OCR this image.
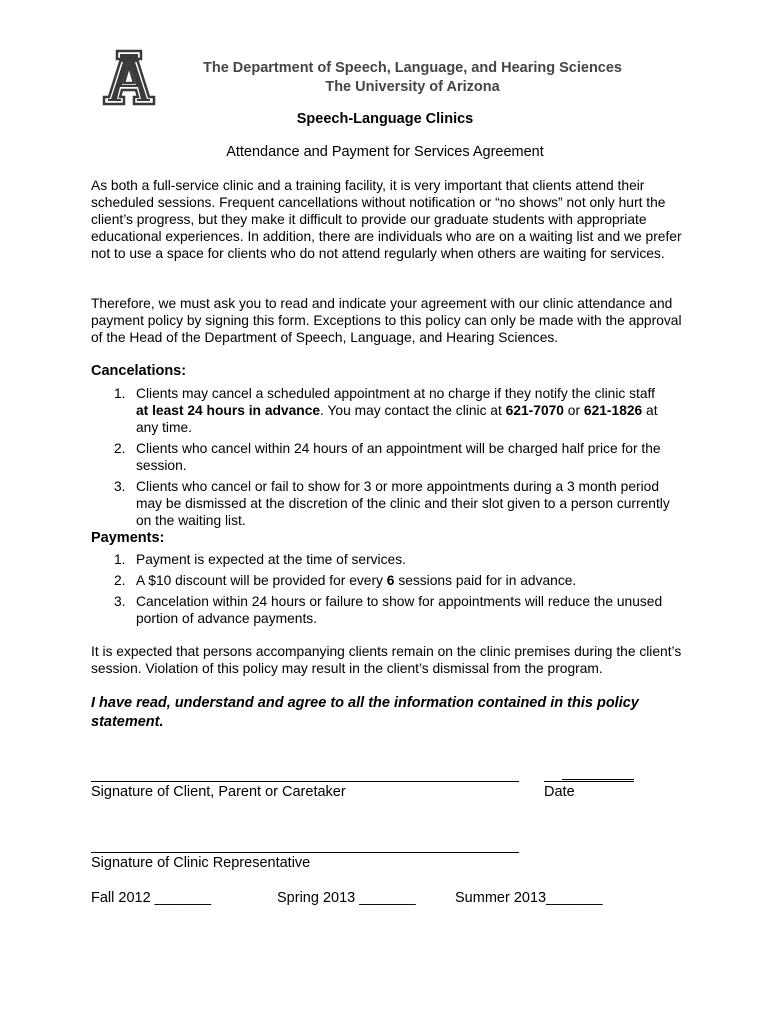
The Department of Speech, Language, and Hearing Sciences
The University of Arizona
Speech-Language Clinics
Attendance and Payment for Services Agreement
As both a full-service clinic and a training facility, it is very important that clients attend their scheduled sessions. Frequent cancellations without notification or “no shows” not only hurt the client’s progress, but they make it difficult to provide our graduate students with appropriate educational experiences. In addition, there are individuals who are on a waiting list and we prefer not to use a space for clients who do not attend regularly when others are waiting for services.
Therefore, we must ask you to read and indicate your agreement with our clinic attendance and payment policy by signing this form. Exceptions to this policy can only be made with the approval of the Head of the Department of Speech, Language, and Hearing Sciences.
Cancelations:
1. Clients may cancel a scheduled appointment at no charge if they notify the clinic staff at least 24 hours in advance. You may contact the clinic at 621-7070 or 621-1826 at any time.
2. Clients who cancel within 24 hours of an appointment will be charged half price for the session.
3. Clients who cancel or fail to show for 3 or more appointments during a 3 month period may be dismissed at the discretion of the clinic and their slot given to a person currently on the waiting list.
Payments:
1. Payment is expected at the time of services.
2. A $10 discount will be provided for every 6 sessions paid for in advance.
3. Cancelation within 24 hours or failure to show for appointments will reduce the unused portion of advance payments.
It is expected that persons accompanying clients remain on the clinic premises during the client’s session. Violation of this policy may result in the client’s dismissal from the program.
I have read, understand and agree to all the information contained in this policy statement.
Signature of Client, Parent or Caretaker	Date
Signature of Clinic Representative
Fall 2012 _______	Spring 2013 _______	Summer 2013_______
